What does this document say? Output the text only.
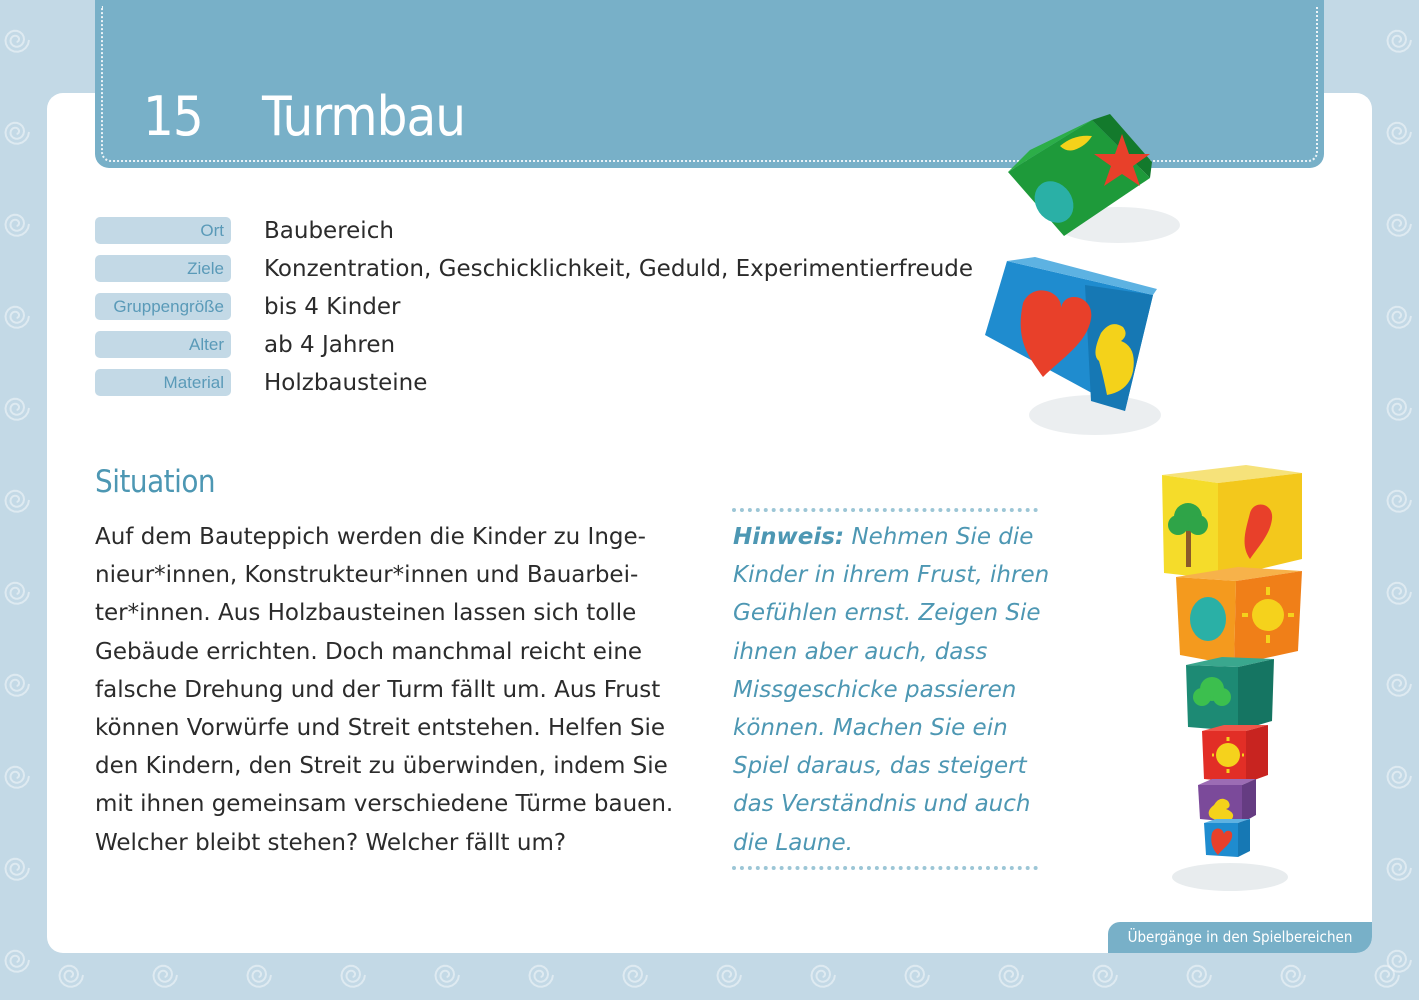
15 Turmbau
Ort	Baubereich
Ziele	Konzentration, Geschicklichkeit, Geduld, Experimentierfreude
Gruppengröße	bis 4 Kinder
Alter	ab 4 Jahren
Material	Holzbausteine
Situation
Auf dem Bauteppich werden die Kinder zu Inge-
nieur*innen, Konstrukteur*innen und Bauarbei-
ter*innen. Aus Holzbausteinen lassen sich tolle
Gebäude errichten. Doch manchmal reicht eine
falsche Drehung und der Turm fällt um. Aus Frust
können Vorwürfe und Streit entstehen. Helfen Sie
den Kindern, den Streit zu überwinden, indem Sie
mit ihnen gemeinsam verschiedene Türme bauen.
Welcher bleibt stehen? Welcher fällt um?
Hinweis: Nehmen Sie die
Kinder in ihrem Frust, ihren
Gefühlen ernst. Zeigen Sie
ihnen aber auch, dass
Missgeschicke passieren
können. Machen Sie ein
Spiel daraus, das steigert
das Verständnis und auch
die Laune.
Übergänge in den Spielbereichen
